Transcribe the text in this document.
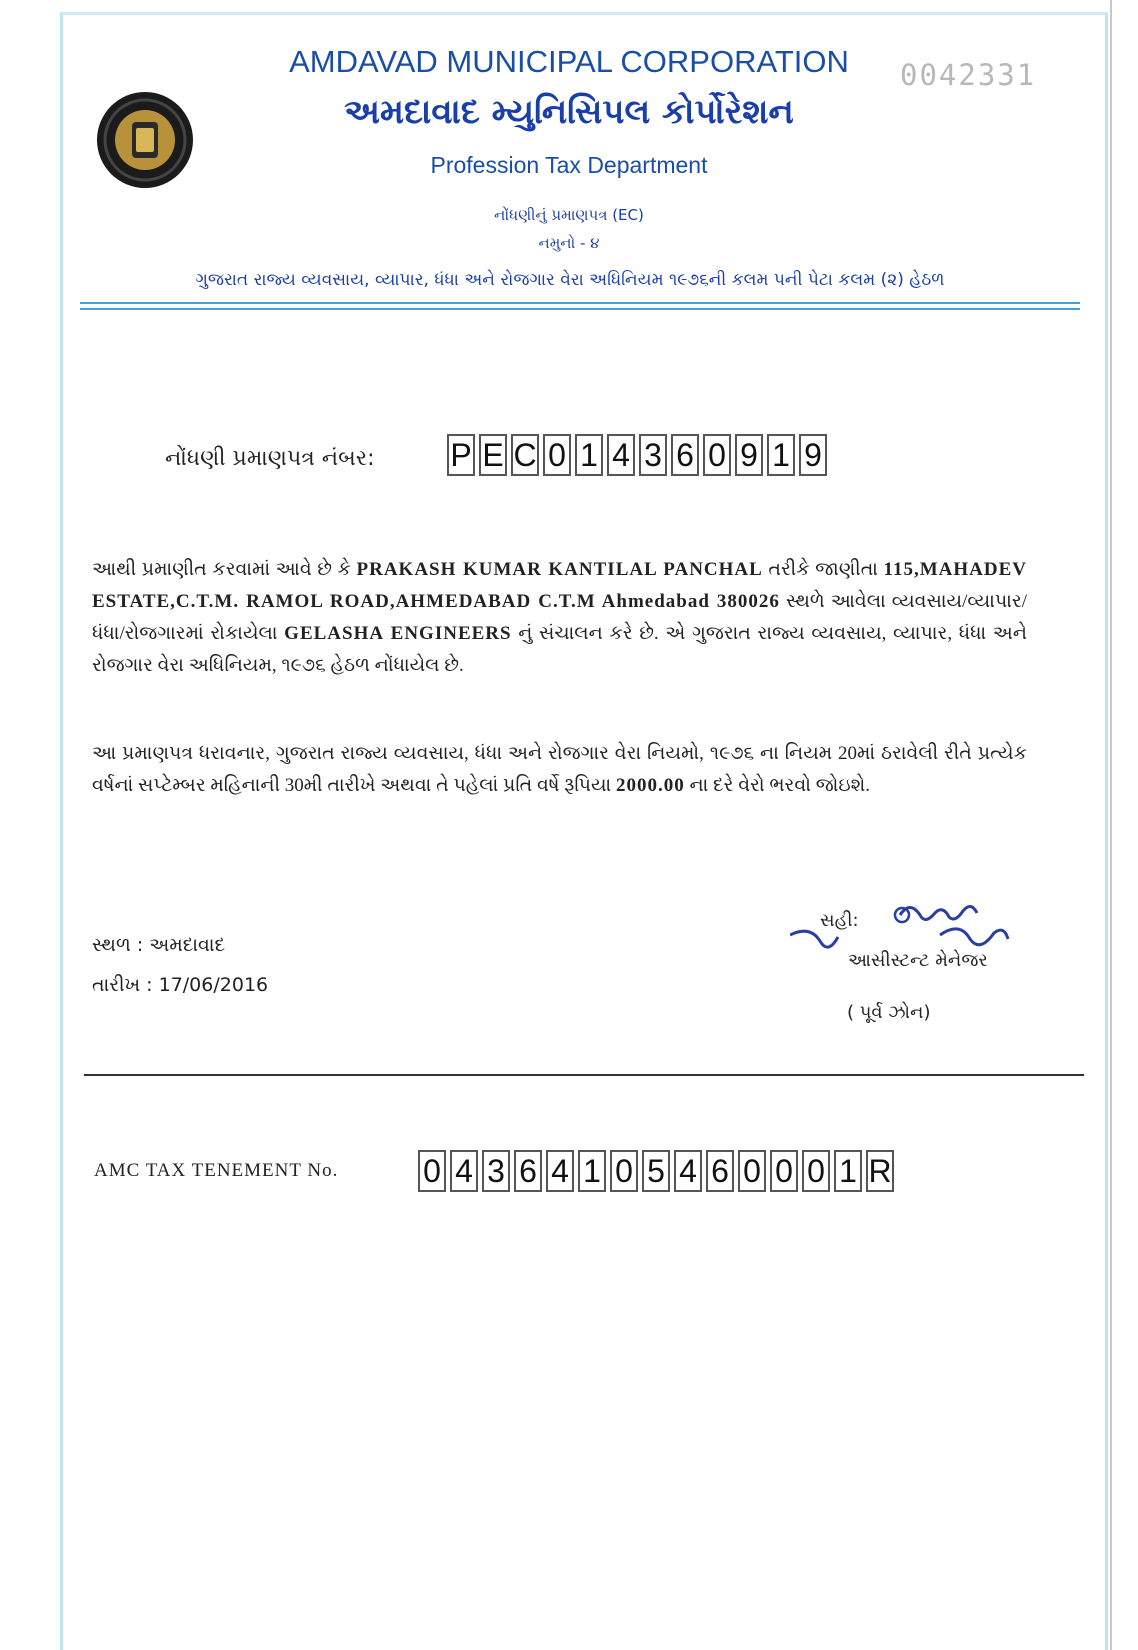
0042331
AMDAVAD MUNICIPAL CORPORATION
અમદાવાદ મ્યુનિસિપલ કોર્પોરેશન
Profession Tax Department
નોંધણીનું પ્રમાણપત્ર (EC)
નમુનો - ૪
ગુજરાત રાજ્ય વ્યવસાય, વ્યાપાર, ધંધા અને રોજગાર વેરા અધિનિયમ ૧૯૭૬ની કલમ પની પેટા કલમ (૨) હેઠળ
નોંધણી પ્રમાણપત્ર નંબર: P E C 0 1 4 3 6 0 9 1 9
આથી પ્રમાણીત કરવામાં આવે છે કે PRAKASH KUMAR KANTILAL PANCHAL તરીકે જાણીતા 115,MAHADEV ESTATE,C.T.M. RAMOL ROAD,AHMEDABAD C.T.M Ahmedabad 380026 સ્થળે આવેલા વ્યવસાય/વ્યાપાર/ધંધા/રોજગારમાં રોકાયેલા GELASHA ENGINEERS નું સંચાલન કરે છે. એ ગુજરાત રાજ્ય વ્યવસાય, વ્યાપાર, ધંધા અને રોજગાર વેરા અધિનિયમ, ૧૯૭૬ હેઠળ નોંધાયેલ છે.
આ પ્રમાણપત્ર ધરાવનાર, ગુજરાત રાજ્ય વ્યવસાય, ધંધા અને રોજગાર વેરા નિયમો, ૧૯૭૬ ના નિયમ 20માં ઠરાવેલી રીતે પ્રત્યેક વર્ષનાં સપ્ટેમ્બર મહિનાની 30મી તારીખે અથવા તે પહેલાં પ્રતિ વર્ષે રૂપિયા 2000.00 ના દરે વેરો ભરવો જોઇશે.
સ્થળ : અમદાવાદ
તારીખ : 17/06/2016
સહી:
આસીસ્ટન્ટ મેનેજર
( પૂર્વ ઝોન)
AMC TAX TENEMENT No.	0 4 3 6 4 1 0 5 4 6 0 0 0 1 R
